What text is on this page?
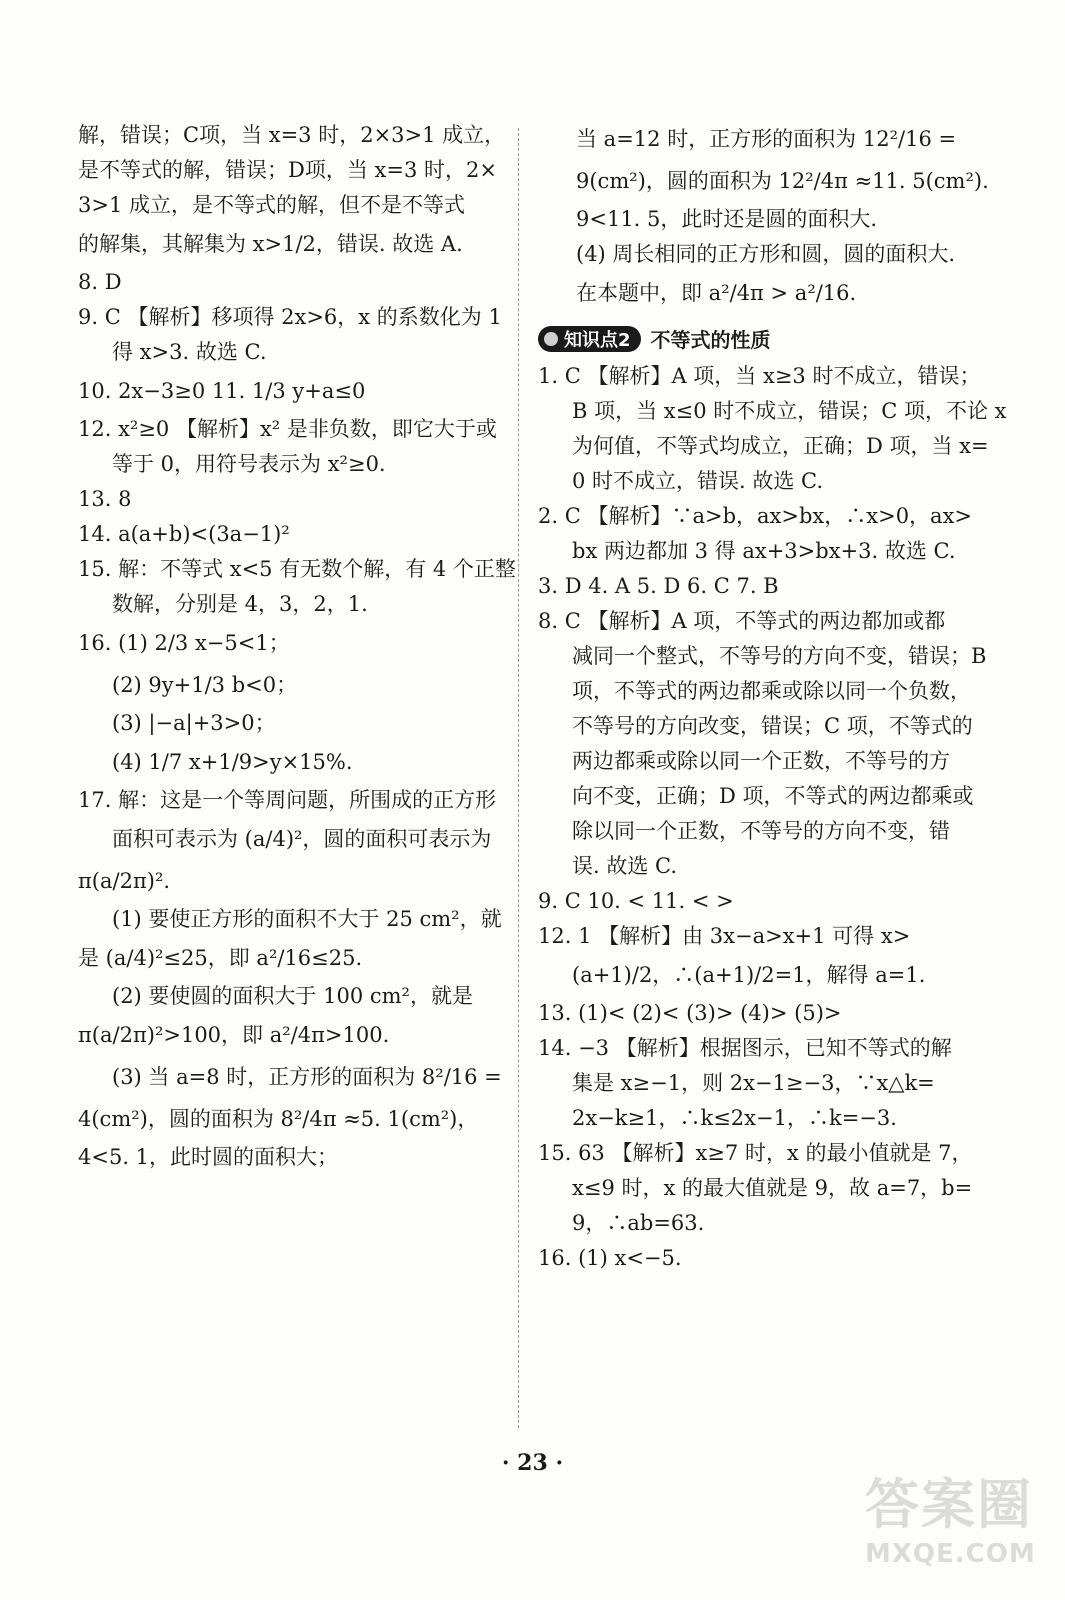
解，错误；C项，当 x=3 时，2×3>1 成立，

是不等式的解，错误；D项，当 x=3 时，2×

3>1 成立，是不等式的解，但不是不等式

的解集，其解集为 x>1/2，错误. 故选 A.

8. D

9. C 【解析】移项得 2x>6，x 的系数化为 1

得 x>3. 故选 C.

10. 2x−3≥0 11. 1/3 y+a≤0

12. x²≥0 【解析】x² 是非负数，即它大于或

等于 0，用符号表示为 x²≥0.

13. 8

14. a(a+b)<(3a−1)²

15. 解：不等式 x<5 有无数个解，有 4 个正整

数解，分别是 4，3，2，1.

16. (1) 2/3 x−5<1；

(2) 9y+1/3 b<0；

(3) |−a|+3>0；

(4) 1/7 x+1/9>y×15%.

17. 解：这是一个等周问题，所围成的正方形

面积可表示为 (a/4)²，圆的面积可表示为

π(a/2π)².

(1) 要使正方形的面积不大于 25 cm²，就

是 (a/4)²≤25，即 a²/16≤25.

(2) 要使圆的面积大于 100 cm²，就是

π(a/2π)²>100，即 a²/4π>100.

(3) 当 a=8 时，正方形的面积为 8²/16 =

4(cm²)，圆的面积为 8²/4π ≈5. 1(cm²)，

4<5. 1，此时圆的面积大；

当 a=12 时，正方形的面积为 12²/16 =

9(cm²)，圆的面积为 12²/4π ≈11. 5(cm²).

9<11. 5，此时还是圆的面积大.

(4) 周长相同的正方形和圆，圆的面积大.

在本题中，即 a²/4π > a²/16.

知识点2 不等式的性质

1. C 【解析】A 项，当 x≥3 时不成立，错误；

B 项，当 x≤0 时不成立，错误；C 项，不论 x

为何值，不等式均成立，正确；D 项，当 x=

0 时不成立，错误. 故选 C.

2. C 【解析】∵a>b，ax>bx，∴x>0，ax>

bx 两边都加 3 得 ax+3>bx+3. 故选 C.

3. D 4. A 5. D 6. C 7. B

8. C 【解析】A 项，不等式的两边都加或都

减同一个整式，不等号的方向不变，错误；B

项，不等式的两边都乘或除以同一个负数，

不等号的方向改变，错误；C 项，不等式的

两边都乘或除以同一个正数，不等号的方

向不变，正确；D 项，不等式的两边都乘或

除以同一个正数，不等号的方向不变，错

误. 故选 C.

9. C 10. < 11. < >

12. 1 【解析】由 3x−a>x+1 可得 x>

(a+1)/2，∴(a+1)/2=1，解得 a=1.

13. (1)< (2)< (3)> (4)> (5)>

14. −3 【解析】根据图示，已知不等式的解

集是 x≥−1，则 2x−1≥−3，∵x△k=

2x−k≥1，∴k≤2x−1，∴k=−3.

15. 63 【解析】x≥7 时，x 的最小值就是 7，

x≤9 时，x 的最大值就是 9，故 a=7，b=

9，∴ab=63.

16. (1) x<−5.

· 23 ·
答案圈
MXQE.COM
